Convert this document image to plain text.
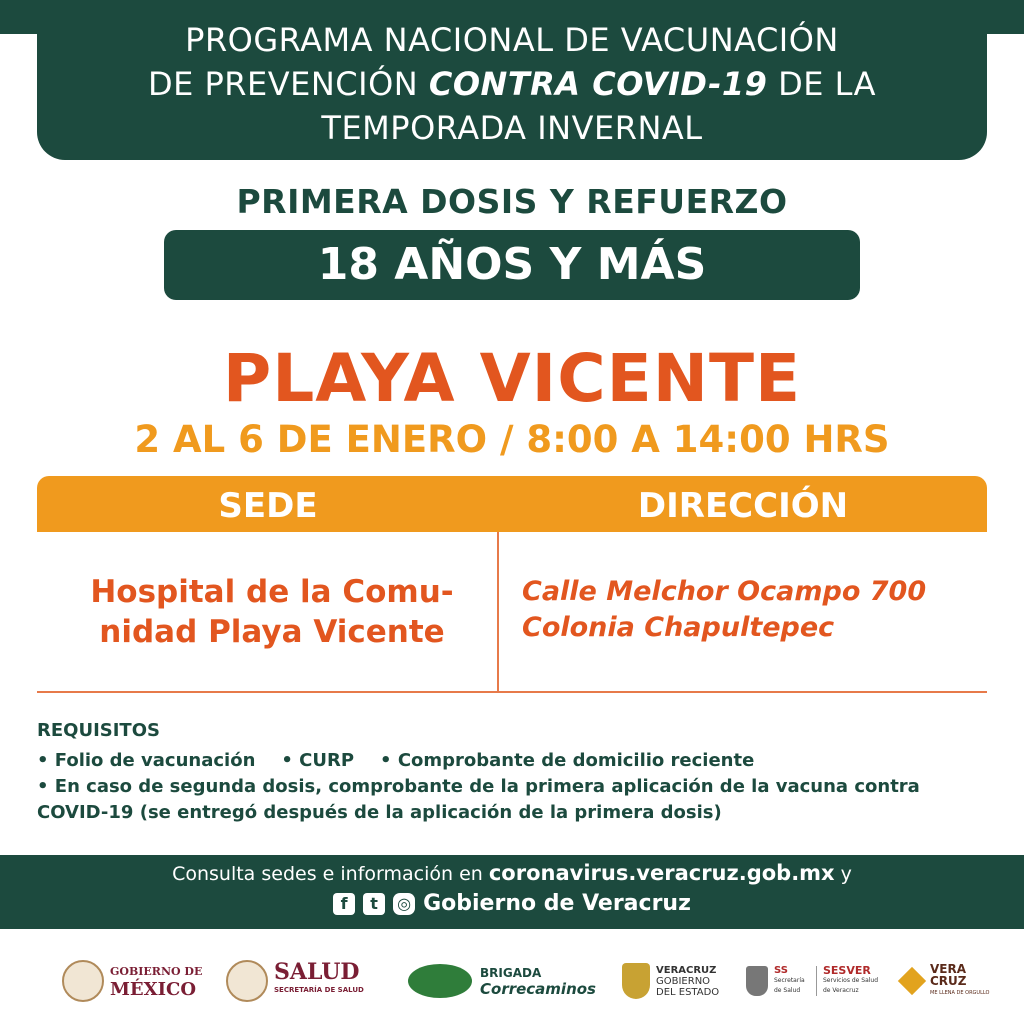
PROGRAMA NACIONAL DE VACUNACIÓN
DE PREVENCIÓN CONTRA COVID-19 DE LA
TEMPORADA INVERNAL
PRIMERA DOSIS Y REFUERZO
18 AÑOS Y MÁS
PLAYA VICENTE
2 AL 6 DE ENERO / 8:00 A 14:00 HRS
SEDE	DIRECCIÓN
Hospital de la Comu-
nidad Playa Vicente
Calle Melchor Ocampo 700
Colonia Chapultepec
REQUISITOS
• Folio de vacunación • CURP • Comprobante de domicilio reciente
• En caso de segunda dosis, comprobante de la primera aplicación de la vacuna contra COVID-19 (se entregó después de la aplicación de la primera dosis)
Consulta sedes e información en coronavirus.veracruz.gob.mx y
f t ◎ Gobierno de Veracruz
GOBIERNO DE
MÉXICO
SALUD
SECRETARÍA DE SALUD
BRIGADA
Correcaminos
VERACRUZ
GOBIERNO
DEL ESTADO
SS
Secretaría de Salud
SESVER
Servicios de Salud de Veracruz
VERA
CRUZ
ME LLENA DE ORGULLO
